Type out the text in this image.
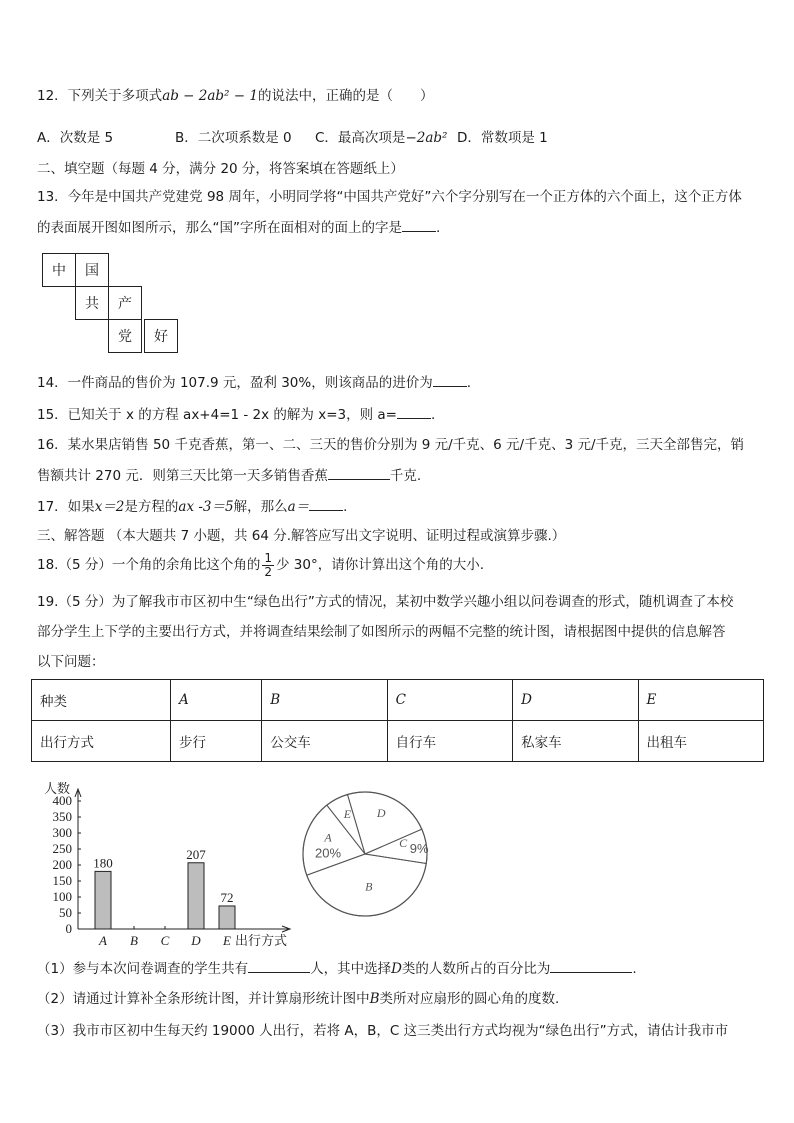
12．下列关于多项式ab − 2ab² − 1的说法中，正确的是（　　）
A．次数是 5	B．二次项系数是 0 C．最高次项是−2ab² D．常数项是 1
二、填空题（每题 4 分，满分 20 分，将答案填在答题纸上）
13．今年是中国共产党建党 98 周年，小明同学将“中国共产党好”六个字分别写在一个正方体的六个面上，这个正方体
的表面展开图如图所示，那么“国”字所在面相对的面上的字是	.
中	国
共	产
党	好
14．一件商品的售价为 107.9 元，盈利 30%，则该商品的进价为	.
15．已知关于 x 的方程 ax+4=1 - 2x 的解为 x=3，则 a=	.
16．某水果店销售 50 千克香蕉，第一、二、三天的售价分别为 9 元/千克、6 元/千克、3 元/千克，三天全部售完，销
售额共计 270 元．则第三天比第一天多销售香蕉	千克.
17．如果x＝2是方程的ax -3＝5解，那么a＝	.
三、解答题 （本大题共 7 小题，共 64 分.解答应写出文字说明、证明过程或演算步骤.）
18.（5 分）一个角的余角比这个角的 $\frac{1}{2}$ 少 30°，请你计算出这个角的大小.
19.（5 分）为了解我市市区初中生“绿色出行”方式的情况，某初中数学兴趣小组以问卷调查的形式，随机调查了本校
部分学生上下学的主要出行方式，并将调查结果绘制了如图所示的两幅不完整的统计图，请根据图中提供的信息解答
以下问题：
种类	A	B	C	D	E
出行方式	步行	公交车	自行车	私家车	出租车
人数
0
50
100
150
200
250
300
350
400
A
180
B C D
207
E
72
出行方式
A
20%
E D
C 9%
B
（1）参与本次问卷调查的学生共有	人，其中选择D类的人数所占的百分比为	.
（2）请通过计算补全条形统计图，并计算扇形统计图中B类所对应扇形的圆心角的度数.
（3）我市市区初中生每天约 19000 人出行，若将 A，B，C 这三类出行方式均视为“绿色出行”方式，请估计我市市
